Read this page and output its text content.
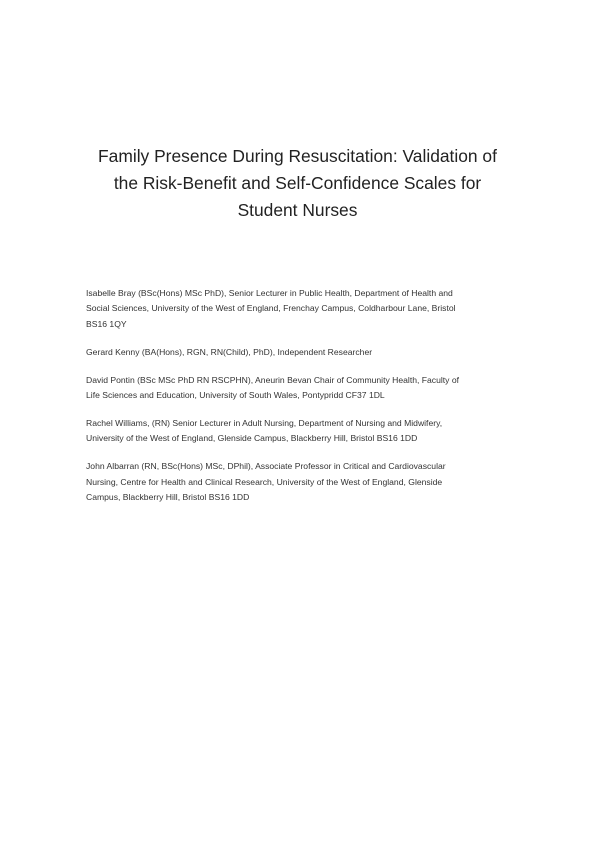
Family Presence During Resuscitation: Validation of
the Risk-Benefit and Self-Confidence Scales for
Student Nurses

Isabelle Bray (BSc(Hons) MSc PhD), Senior Lecturer in Public Health, Department of Health and
Social Sciences, University of the West of England, Frenchay Campus, Coldharbour Lane, Bristol
BS16 1QY

Gerard Kenny (BA(Hons), RGN, RN(Child), PhD), Independent Researcher

David Pontin (BSc MSc PhD RN RSCPHN), Aneurin Bevan Chair of Community Health, Faculty of
Life Sciences and Education, University of South Wales, Pontypridd CF37 1DL

Rachel Williams, (RN) Senior Lecturer in Adult Nursing, Department of Nursing and Midwifery,
University of the West of England, Glenside Campus, Blackberry Hill, Bristol BS16 1DD

John Albarran (RN, BSc(Hons) MSc, DPhil), Associate Professor in Critical and Cardiovascular
Nursing, Centre for Health and Clinical Research, University of the West of England, Glenside
Campus, Blackberry Hill, Bristol BS16 1DD
